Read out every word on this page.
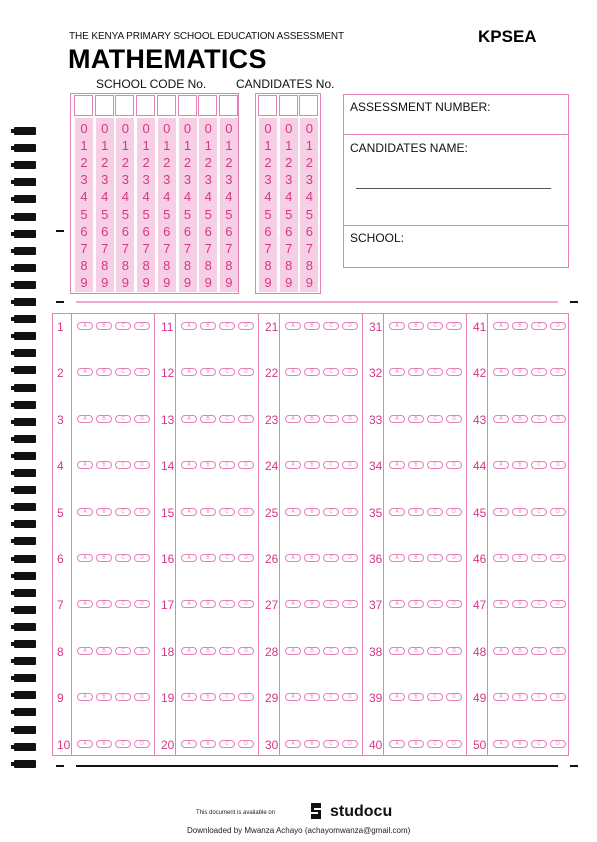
THE KENYA PRIMARY SCHOOL EDUCATION ASSESSMENT	KPSEA
MATHEMATICS
SCHOOL CODE No. CANDIDATES No.
0
1
2
3
4
5
6
7
8
9
0
1
2
3
4
5
6
7
8
9
0
1
2
3
4
5
6
7
8
9
0
1
2
3
4
5
6
7
8
9
0
1
2
3
4
5
6
7
8
9
0
1
2
3
4
5
6
7
8
9
0
1
2
3
4
5
6
7
8
9
0
1
2
3
4
5
6
7
8
9
0
1
2
3
4
5
6
7
8
9
0
1
2
3
4
5
6
7
8
9
0
1
2
3
4
5
6
7
8
9
ASSESSMENT NUMBER:
CANDIDATES NAME:
SCHOOL:
1	A	B	C	D
2	A	B	C	D
3	A	B	C	D
4	A	B	C	D
5	A	B	C	D
6	A	B	C	D
7	A	B	C	D
8	A	B	C	D
9	A	B	C	D
10	A	B	C	D
11	A	B	C	D
12	A	B	C	D
13	A	B	C	D
14	A	B	C	D
15	A	B	C	D
16	A	B	C	D
17	A	B	C	D
18	A	B	C	D
19	A	B	C	D
20	A	B	C	D
21	A	B	C	D
22	A	B	C	D
23	A	B	C	D
24	A	B	C	D
25	A	B	C	D
26	A	B	C	D
27	A	B	C	D
28	A	B	C	D
29	A	B	C	D
30	A	B	C	D
31	A	B	C	D
32	A	B	C	D
33	A	B	C	D
34	A	B	C	D
35	A	B	C	D
36	A	B	C	D
37	A	B	C	D
38	A	B	C	D
39	A	B	C	D
40	A	B	C	D
41	A	B	C	D
42	A	B	C	D
43	A	B	C	D
44	A	B	C	D
45	A	B	C	D
46	A	B	C	D
47	A	B	C	D
48	A	B	C	D
49	A	B	C	D
50	A	B	C	D
This document is available on	studocu
Downloaded by Mwanza Achayo (achayomwanza@gmail.com)
